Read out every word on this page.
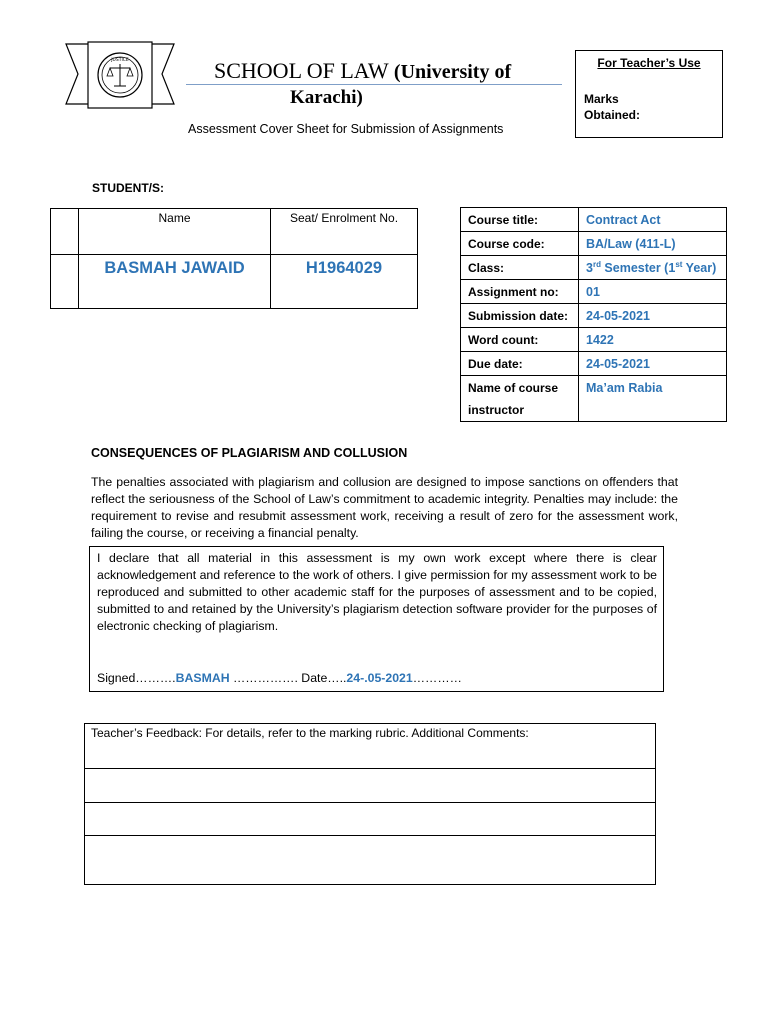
JUSTICE	SCHOOL OF LAW (University of
Karachi)
Assessment Cover Sheet for Submission of Assignments
For Teacher’s Use
Marks Obtained:
STUDENT/S:
	Name	Seat/ Enrolment No.
	BASMAH JAWAID	H1964029
Course title:	Contract Act
Course code:	BA/Law (411-L)
Class:	3rd Semester (1st Year)
Assignment no:	01
Submission date:	24-05-2021
Word count:	1422
Due date:	24-05-2021
Name of course instructor	Ma’am Rabia
CONSEQUENCES OF PLAGIARISM AND COLLUSION
The penalties associated with plagiarism and collusion are designed to impose sanctions on offenders that reflect the seriousness of the School of Law’s commitment to academic integrity. Penalties may include: the requirement to revise and resubmit assessment work, receiving a result of zero for the assessment work, failing the course, or receiving a financial penalty.
I declare that all material in this assessment is my own work except where there is clear acknowledgement and reference to the work of others. I give permission for my assessment work to be reproduced and submitted to other academic staff for the purposes of assessment and to be copied, submitted to and retained by the University’s plagiarism detection software provider for the purposes of electronic checking of plagiarism.
Signed……….BASMAH ……………. Date…..24-.05-2021…………
Teacher’s Feedback: For details, refer to the marking rubric. Additional Comments:
